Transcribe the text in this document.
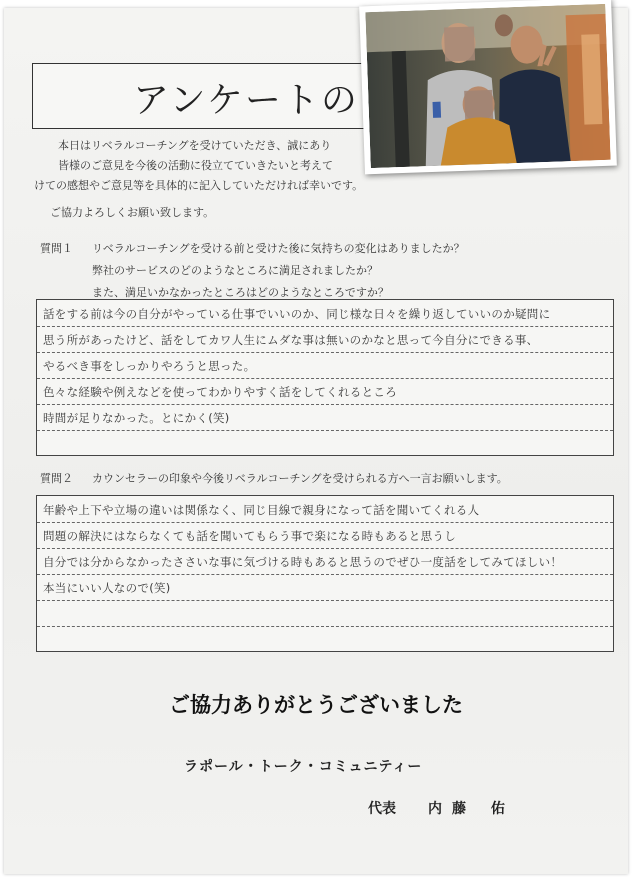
アンケートの
本日はリベラルコーチングを受けていただき、誠にあり
皆様のご意見を今後の活動に役立てていきたいと考えて
けての感想やご意見等を具体的に記入していただければ幸いです。
ご協力よろしくお願い致します。
質問１ リベラルコーチングを受ける前と受けた後に気持ちの変化はありましたか？
弊社のサービスのどのようなところに満足されましたか？
また、満足いかなかったところはどのようなところですか？
話をする前は今の自分がやっている仕事でいいのか、同じ様な日々を繰り返していいのか疑問に
思う所があったけど、話をしてカワ人生にムダな事は無いのかなと思って今自分にできる事、
やるべき事をしっかりやろうと思った。
色々な経験や例えなどを使ってわかりやすく話をしてくれるところ
時間が足りなかった。とにかく(笑)
質問２ カウンセラーの印象や今後リベラルコーチングを受けられる方へ一言お願いします。
年齢や上下や立場の違いは関係なく、同じ目線で親身になって話を聞いてくれる人
問題の解決にはならなくても話を聞いてもらう事で楽になる時もあると思うし
自分では分からなかったささいな事に気づける時もあると思うのでぜひ一度話をしてみてほしい！
本当にいい人なので(笑)
ご協力ありがとうございました
ラポール・トーク・コミュニティー
代表 内藤 佑
